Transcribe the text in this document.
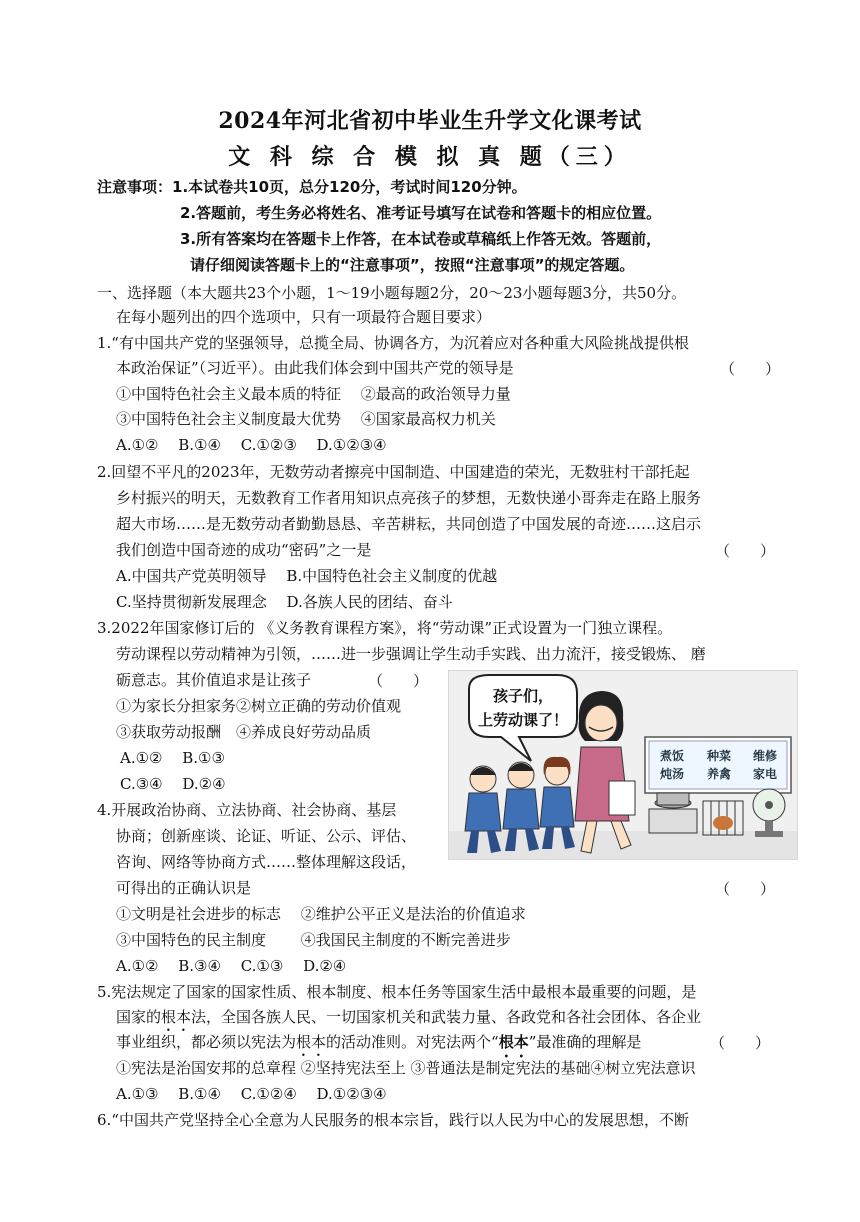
2024年河北省初中毕业生升学文化课考试
文 科 综 合 模 拟 真 题（三）
注意事项：1.本试卷共10页，总分120分，考试时间120分钟。
2.答题前，考生务必将姓名、准考证号填写在试卷和答题卡的相应位置。
3.所有答案均在答题卡上作答，在本试卷或草稿纸上作答无效。答题前，
请仔细阅读答题卡上的“注意事项”，按照“注意事项”的规定答题。
一、选择题（本大题共23个小题，1～19小题每题2分，20～23小题每题3分，共50分。
在每小题列出的四个选项中，只有一项最符合题目要求）
1.“有中国共产党的坚强领导，总揽全局、协调各方，为沉着应对各种重大风险挑战提供根
本政治保证”（习近平）。由此我们体会到中国共产党的领导是	（　　）
①中国特色社会主义最本质的特征　 ②最高的政治领导力量
③中国特色社会主义制度最大优势　 ④国家最高权力机关
A.①②　 B.①④　 C.①②③　 D.①②③④
2.回望不平凡的2023年，无数劳动者擦亮中国制造、中国建造的荣光，无数驻村干部托起
乡村振兴的明天，无数教育工作者用知识点亮孩子的梦想，无数快递小哥奔走在路上服务
超大市场……是无数劳动者勤勤恳恳、辛苦耕耘，共同创造了中国发展的奇迹……这启示
我们创造中国奇迹的成功“密码”之一是	（　　）
A.中国共产党英明领导　 B.中国特色社会主义制度的优越
C.坚持贯彻新发展理念　 D.各族人民的团结、奋斗
3.2022年国家修订后的 《义务教育课程方案》，将“劳动课”正式设置为一门独立课程。
劳动课程以劳动精神为引领，……进一步强调让学生动手实践、出力流汗，接受锻炼、 磨
砺意志。其价值追求是让孩子	（　　）
①为家长分担家务②树立正确的劳动价值观
③获取劳动报酬　④养成良好劳动品质
A.①②　 B.①③
C.③④　 D.②④
孩子们，
上劳动课了！
煮饭 种菜 维修
炖汤 养禽 家电
4.开展政治协商、立法协商、社会协商、基层
协商；创新座谈、论证、听证、公示、评估、
咨询、网络等协商方式……整体理解这段话，
可得出的正确认识是	（　　）
①文明是社会进步的标志　 ②维护公平正义是法治的价值追求
③中国特色的民主制度　　 ④我国民主制度的不断完善进步
A.①②　 B.③④　 C.①③　 D.②④
5.宪法规定了国家的国家性质、根本制度、根本任务等国家生活中最根本最重要的问题，是
国家的根本法，全国各族人民、一切国家机关和武装力量、各政党和各社会团体、各企业
事业组织，都必须以宪法为根本的活动准则。对宪法两个“根本”最准确的理解是	（　　）
①宪法是治国安邦的总章程 ②坚持宪法至上 ③普通法是制定宪法的基础④树立宪法意识
A.①③　 B.①④　 C.①②④　 D.①②③④
6.“中国共产党坚持全心全意为人民服务的根本宗旨，践行以人民为中心的发展思想，不断
